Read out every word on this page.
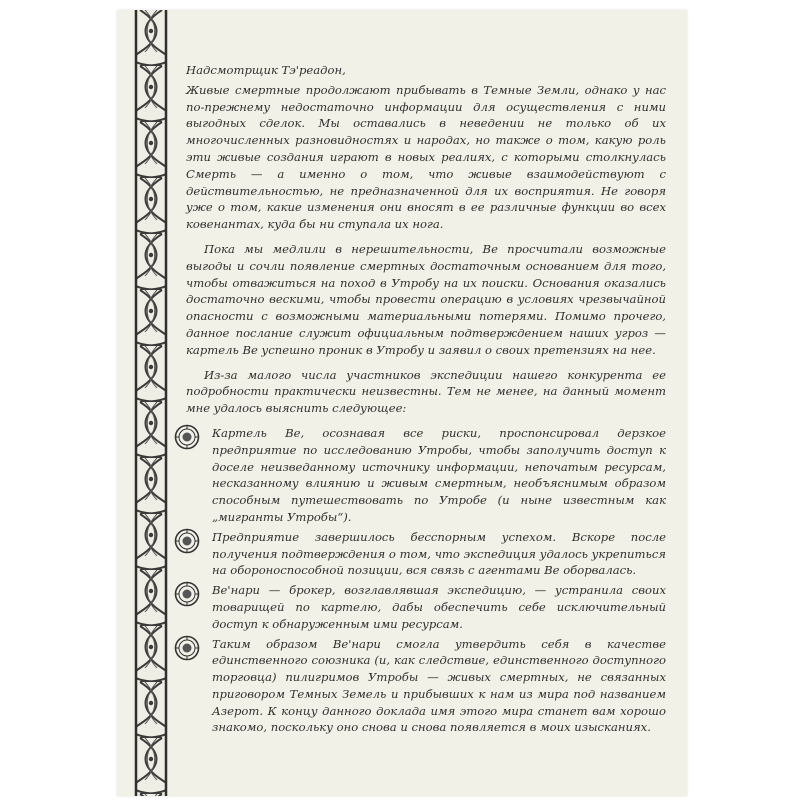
Надсмотрщик Тэ'реадон,

Живые смертные продолжают прибывать в Темные Земли, однако у нас по-прежнему недостаточно информации для осуществления с ними выгодных сделок. Мы оставались в неведении не только об их многочисленных разновидностях и народах, но также о том, какую роль эти живые создания играют в новых реалиях, с которыми столкнулась Смерть — а именно о том, что живые взаимодействуют с действительностью, не предназначенной для их восприятия. Не говоря уже о том, какие изменения они вносят в ее различные функции во всех ковенантах, куда бы ни ступала их нога.

Пока мы медлили в нерешительности, Ве просчитали возможные выгоды и сочли появление смертных достаточным основанием для того, чтобы отважиться на поход в Утробу на их поиски. Основания оказались достаточно вескими, чтобы провести операцию в условиях чрезвычайной опасности с возможными материальными потерями. Помимо прочего, данное послание служит официальным подтверждением наших угроз — картель Ве успешно проник в Утробу и заявил о своих претензиях на нее.

Из-за малого числа участников экспедиции нашего конкурента ее подробности практически неизвестны. Тем не менее, на данный момент мне удалось выяснить следующее:

Картель Ве, осознавая все риски, проспонсировал дерзкое предприятие по исследованию Утробы, чтобы заполучить доступ к доселе неизведанному источнику информации, непочатым ресурсам, несказанному влиянию и живым смертным, необъяснимым образом способным путешествовать по Утробе (и ныне известным как „мигранты Утробы“).
Предприятие завершилось бесспорным успехом. Вскоре после получения подтверждения о том, что экспедиция удалось укрепиться на обороноспособной позиции, вся связь с агентами Ве оборвалась.
Ве'нари — брокер, возглавлявшая экспедицию, — устранила своих товарищей по картелю, дабы обеспечить себе исключительный доступ к обнаруженным ими ресурсам.
Таким образом Ве'нари смогла утвердить себя в качестве единственного союзника (и, как следствие, единственного доступного торговца) пилигримов Утробы — живых смертных, не связанных приговором Темных Земель и прибывших к нам из мира под названием Азерот. К концу данного доклада имя этого мира станет вам хорошо знакомо, поскольку оно снова и снова появляется в моих изысканиях.
